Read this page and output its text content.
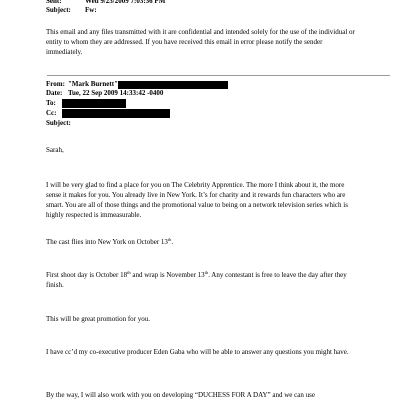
Sent:	Wed 9/23/2009 7:03:36 PM
Subject: Fw:
This email and any files transmitted with it are confidential and intended solely for the use of the individual or entity to whom they are addressed. If you have received this email in error please notify the sender immediately.
From: "Mark Burnett"
Date: Tue, 22 Sep 2009 14:33:42 -0400
To:
Cc:
Subject:
Sarah,
I will be very glad to find a place for you on The Celebrity Apprentice. The more I think about it, the more sense it makes for you. You already live in New York. It’s for charity and it rewards fun characters who are smart. You are all of those things and the promotional value to being on a network television series which is highly respected is immeasurable.
The cast flies into New York on October 13th.
First shoot day is October 18th and wrap is November 13th. Any contestant is free to leave the day after they finish.
This will be great promotion for you.
I have cc’d my co-executive producer Eden Gaba who will be able to answer any questions you might have.
By the way, I will also work with you on developing “DUCHESS FOR A DAY” and we can use
